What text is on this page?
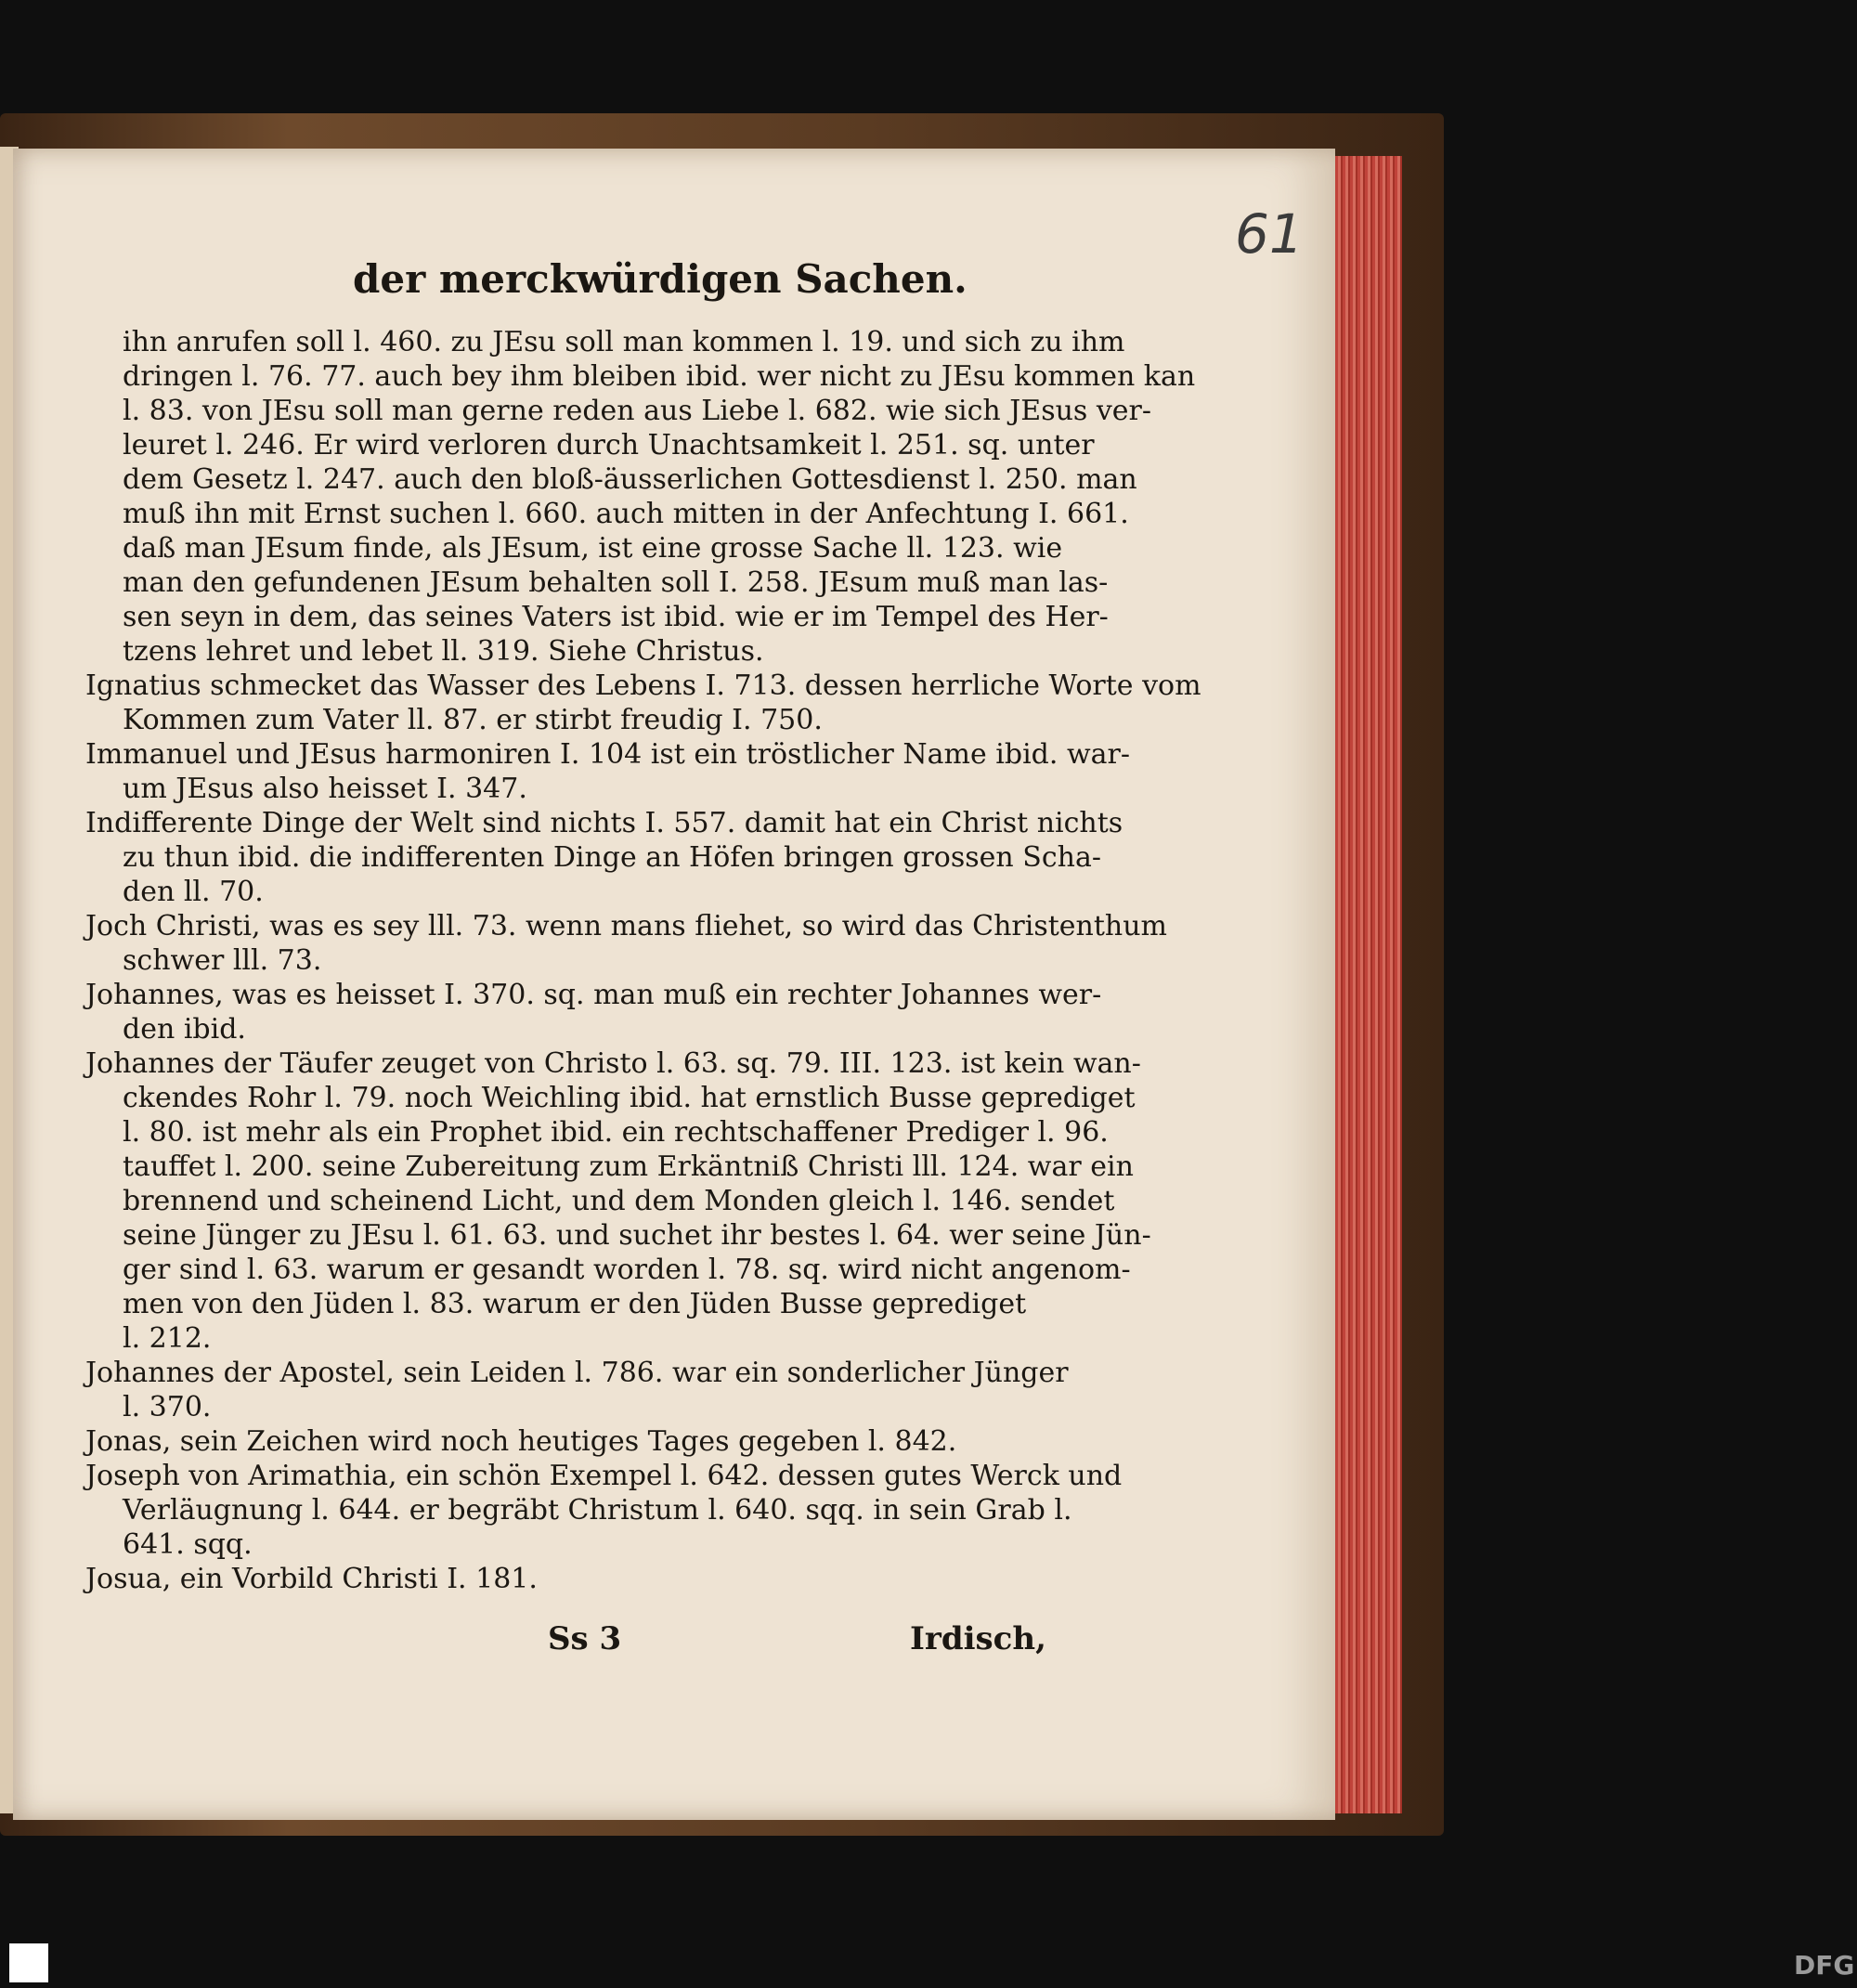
61
der merckwürdigen Sachen.
ihn anrufen soll l. 460. zu JEsu soll man kommen l. 19. und sich zu ihm
dringen l. 76. 77. auch bey ihm bleiben ibid. wer nicht zu JEsu kommen kan
l. 83. von JEsu soll man gerne reden aus Liebe l. 682. wie sich JEsus ver-
leuret l. 246. Er wird verloren durch Unachtsamkeit l. 251. sq. unter
dem Gesetz l. 247. auch den bloß-äusserlichen Gottesdienst l. 250. man
muß ihn mit Ernst suchen l. 660. auch mitten in der Anfechtung I. 661.
daß man JEsum finde, als JEsum, ist eine grosse Sache ll. 123. wie
man den gefundenen JEsum behalten soll I. 258. JEsum muß man las-
sen seyn in dem, das seines Vaters ist ibid. wie er im Tempel des Her-
tzens lehret und lebet ll. 319. Siehe Christus.
Ignatius schmecket das Wasser des Lebens I. 713. dessen herrliche Worte vom
Kommen zum Vater ll. 87. er stirbt freudig I. 750.
Immanuel und JEsus harmoniren I. 104 ist ein tröstlicher Name ibid. war-
um JEsus also heisset I. 347.
Indifferente Dinge der Welt sind nichts I. 557. damit hat ein Christ nichts
zu thun ibid. die indifferenten Dinge an Höfen bringen grossen Scha-
den ll. 70.
Joch Christi, was es sey lll. 73. wenn mans fliehet, so wird das Christenthum
schwer lll. 73.
Johannes, was es heisset I. 370. sq. man muß ein rechter Johannes wer-
den ibid.
Johannes der Täufer zeuget von Christo l. 63. sq. 79. III. 123. ist kein wan-
ckendes Rohr l. 79. noch Weichling ibid. hat ernstlich Busse geprediget
l. 80. ist mehr als ein Prophet ibid. ein rechtschaffener Prediger l. 96.
tauffet l. 200. seine Zubereitung zum Erkäntniß Christi lll. 124. war ein
brennend und scheinend Licht, und dem Monden gleich l. 146. sendet
seine Jünger zu JEsu l. 61. 63. und suchet ihr bestes l. 64. wer seine Jün-
ger sind l. 63. warum er gesandt worden l. 78. sq. wird nicht angenom-
men von den Jüden l. 83. warum er den Jüden Busse geprediget
l. 212.
Johannes der Apostel, sein Leiden l. 786. war ein sonderlicher Jünger
l. 370.
Jonas, sein Zeichen wird noch heutiges Tages gegeben l. 842.
Joseph von Arimathia, ein schön Exempel l. 642. dessen gutes Werck und
Verläugnung l. 644. er begräbt Christum l. 640. sqq. in sein Grab l.
641. sqq.
Josua, ein Vorbild Christi I. 181.
Ss 3	Irdisch,
DFG
